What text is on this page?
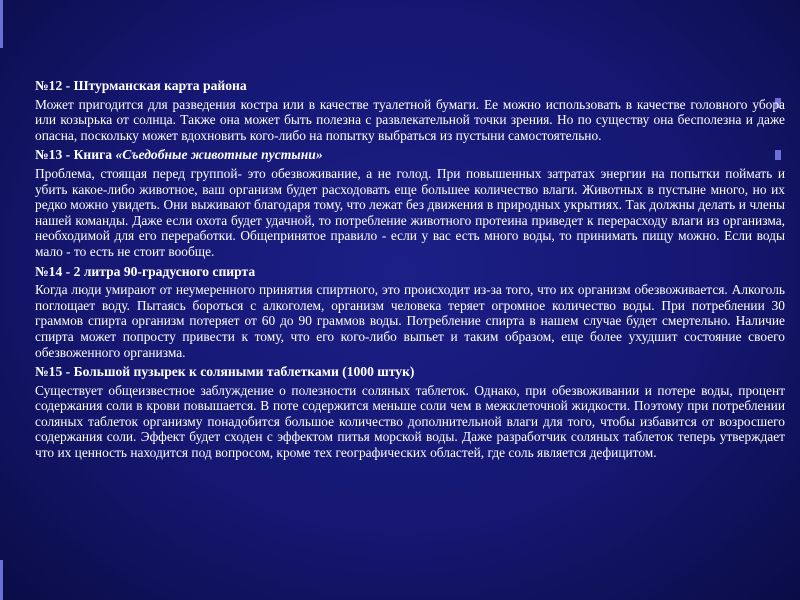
№12 - Штурманская карта района

Может пригодится для разведения костра или в качестве туалетной бумаги. Ее можно использовать в качестве головного убора или козырька от солнца. Также она может быть полезна с развлекательной точки зрения. Но по существу она бесполезна и даже опасна, поскольку может вдохновить кого-либо на попытку выбраться из пустыни самостоятельно.

№13 - Книга «Съедобные животные пустыни»

Проблема, стоящая перед группой- это обезвоживание, а не голод. При повышенных затратах энергии на попытки поймать и убить какое-либо животное, ваш организм будет расходовать еще большее количество влаги. Животных в пустыне много, но их редко можно увидеть. Они выживают благодаря тому, что лежат без движения в природных укрытиях. Так должны делать и члены нашей команды. Даже если охота будет удачной, то потребление животного протеина приведет к перерасходу влаги из организма, необходимой для его переработки. Общепринятое правило - если у вас есть много воды, то принимать пищу можно. Если воды мало - то есть не стоит вообще.

№14 - 2 литра 90-градусного спирта

Когда люди умирают от неумеренного принятия спиртного, это происходит из-за того, что их организм обезвоживается. Алкоголь поглощает воду. Пытаясь бороться с алкоголем, организм человека теряет огромное количество воды. При потреблении 30 граммов спирта организм потеряет от 60 до 90 граммов воды. Потребление спирта в нашем случае будет смертельно. Наличие спирта может попросту привести к тому, что его кого-либо выпьет и таким образом, еще более ухудшит состояние своего обезвоженного организма.

№15 - Большой пузырек к соляными таблетками (1000 штук)

Существует общеизвестное заблуждение о полезности соляных таблеток. Однако, при обезвоживании и потере воды, процент содержания соли в крови повышается. В поте содержится меньше соли чем в межклеточной жидкости. Поэтому при потреблении соляных таблеток организму понадобится большое количество дополнительной влаги для того, чтобы избавится от возросшего содержания соли. Эффект будет сходен с эффектом питья морской воды. Даже разработчик соляных таблеток теперь утверждает что их ценность находится под вопросом, кроме тех географических областей, где соль является дефицитом.
